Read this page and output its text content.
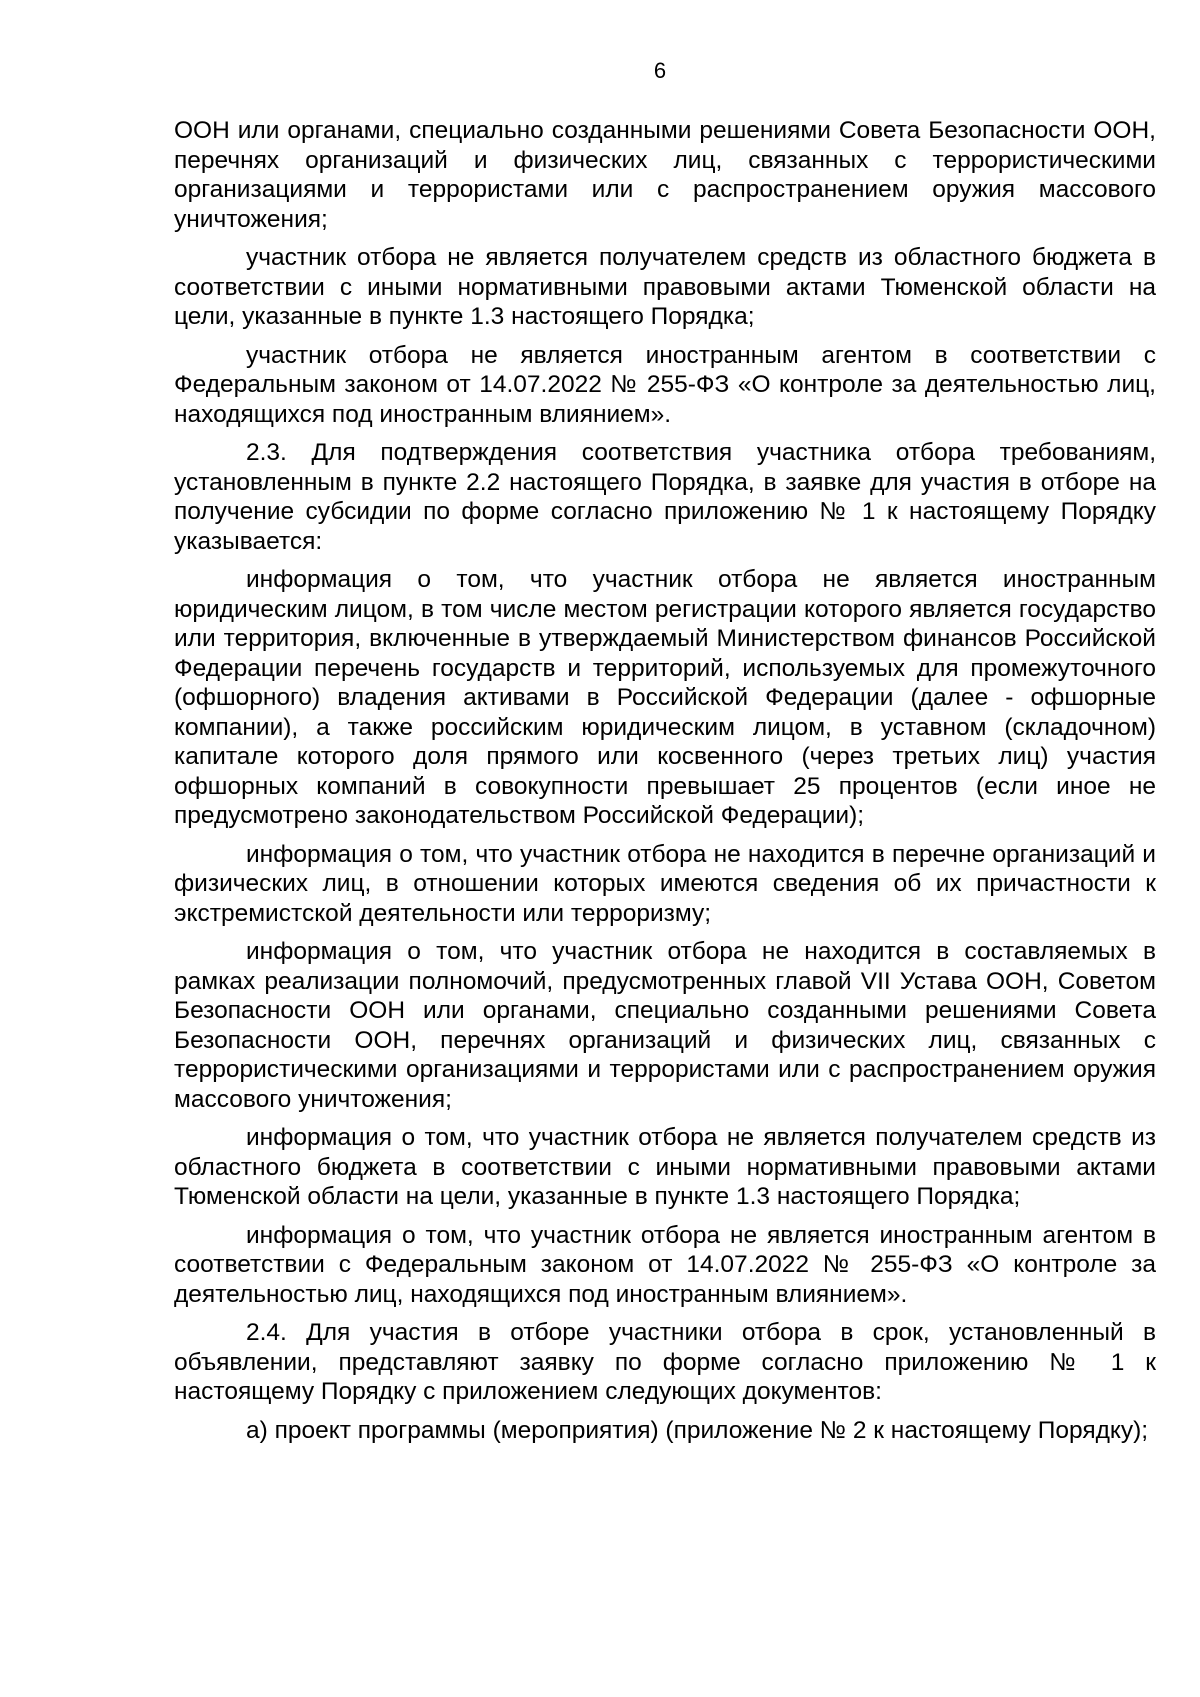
6

ООН или органами, специально созданными решениями Совета Безопасности ООН, перечнях организаций и физических лиц, связанных с террористическими организациями и террористами или с распространением оружия массового уничтожения;

участник отбора не является получателем средств из областного бюджета в соответствии с иными нормативными правовыми актами Тюменской области на цели, указанные в пункте 1.3 настоящего Порядка;

участник отбора не является иностранным агентом в соответствии с Федеральным законом от 14.07.2022 № 255-ФЗ «О контроле за деятельностью лиц, находящихся под иностранным влиянием».

2.3. Для подтверждения соответствия участника отбора требованиям, установленным в пункте 2.2 настоящего Порядка, в заявке для участия в отборе на получение субсидии по форме согласно приложению № 1 к настоящему Порядку указывается:

информация о том, что участник отбора не является иностранным юридическим лицом, в том числе местом регистрации которого является государство или территория, включенные в утверждаемый Министерством финансов Российской Федерации перечень государств и территорий, используемых для промежуточного (офшорного) владения активами в Российской Федерации (далее - офшорные компании), а также российским юридическим лицом, в уставном (складочном) капитале которого доля прямого или косвенного (через третьих лиц) участия офшорных компаний в совокупности превышает 25 процентов (если иное не предусмотрено законодательством Российской Федерации);

информация о том, что участник отбора не находится в перечне организаций и физических лиц, в отношении которых имеются сведения об их причастности к экстремистской деятельности или терроризму;

информация о том, что участник отбора не находится в составляемых в рамках реализации полномочий, предусмотренных главой VII Устава ООН, Советом Безопасности ООН или органами, специально созданными решениями Совета Безопасности ООН, перечнях организаций и физических лиц, связанных с террористическими организациями и террористами или с распространением оружия массового уничтожения;

информация о том, что участник отбора не является получателем средств из областного бюджета в соответствии с иными нормативными правовыми актами Тюменской области на цели, указанные в пункте 1.3 настоящего Порядка;

информация о том, что участник отбора не является иностранным агентом в соответствии с Федеральным законом от 14.07.2022 № 255-ФЗ «О контроле за деятельностью лиц, находящихся под иностранным влиянием».

2.4. Для участия в отборе участники отбора в срок, установленный в объявлении, представляют заявку по форме согласно приложению № 1 к настоящему Порядку с приложением следующих документов:

а) проект программы (мероприятия) (приложение № 2 к настоящему Порядку);
